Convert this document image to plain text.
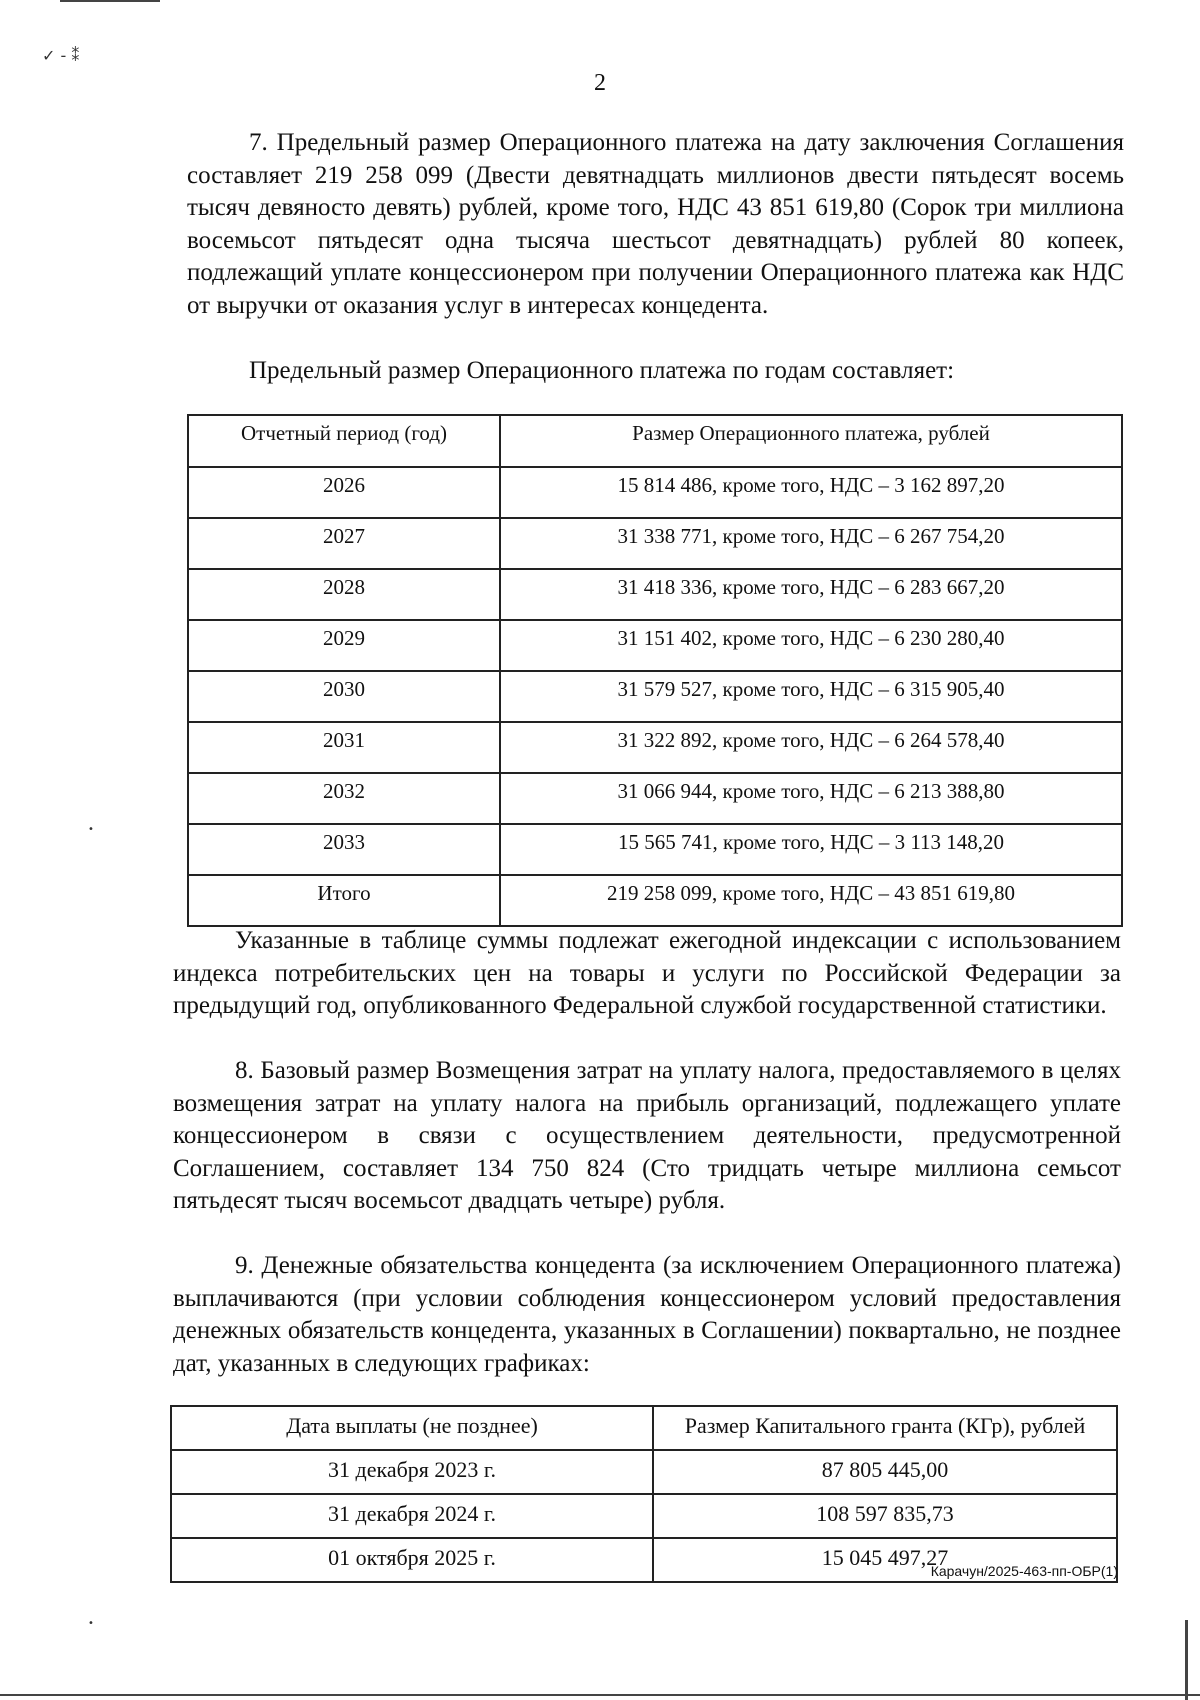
✓ - ⁑
•
•
2

7. Предельный размер Операционного платежа на дату заключения Соглашения составляет 219 258 099 (Двести девятнадцать миллионов двести пятьдесят восемь тысяч девяносто девять) рублей, кроме того, НДС 43 851 619,80 (Сорок три миллиона восемьсот пятьдесят одна тысяча шестьсот девятнадцать) рублей 80 копеек, подлежащий уплате концессионером при получении Операционного платежа как НДС от выручки от оказания услуг в интересах концедента.

Предельный размер Операционного платежа по годам составляет:

Отчетный период (год)	Размер Операционного платежа, рублей
2026	15 814 486, кроме того, НДС – 3 162 897,20
2027	31 338 771, кроме того, НДС – 6 267 754,20
2028	31 418 336, кроме того, НДС – 6 283 667,20
2029	31 151 402, кроме того, НДС – 6 230 280,40
2030	31 579 527, кроме того, НДС – 6 315 905,40
2031	31 322 892, кроме того, НДС – 6 264 578,40
2032	31 066 944, кроме того, НДС – 6 213 388,80
2033	15 565 741, кроме того, НДС – 3 113 148,20
Итого	219 258 099, кроме того, НДС – 43 851 619,80

Указанные в таблице суммы подлежат ежегодной индексации с использованием индекса потребительских цен на товары и услуги по Российской Федерации за предыдущий год, опубликованного Федеральной службой государственной статистики.

8. Базовый размер Возмещения затрат на уплату налога, предоставляемого в целях возмещения затрат на уплату налога на прибыль организаций, подлежащего уплате концессионером в связи с осуществлением деятельности, предусмотренной Соглашением, составляет 134 750 824 (Сто тридцать четыре миллиона семьсот пятьдесят тысяч восемьсот двадцать четыре) рубля.

9. Денежные обязательства концедента (за исключением Операционного платежа) выплачиваются (при условии соблюдения концессионером условий предоставления денежных обязательств концедента, указанных в Соглашении) поквартально, не позднее дат, указанных в следующих графиках:

Дата выплаты (не позднее)	Размер Капитального гранта (КГр), рублей
31 декабря 2023 г.	87 805 445,00
31 декабря 2024 г.	108 597 835,73
01 октября 2025 г.	15 045 497,27
Карачун/2025-463-пп-ОБР(1)
